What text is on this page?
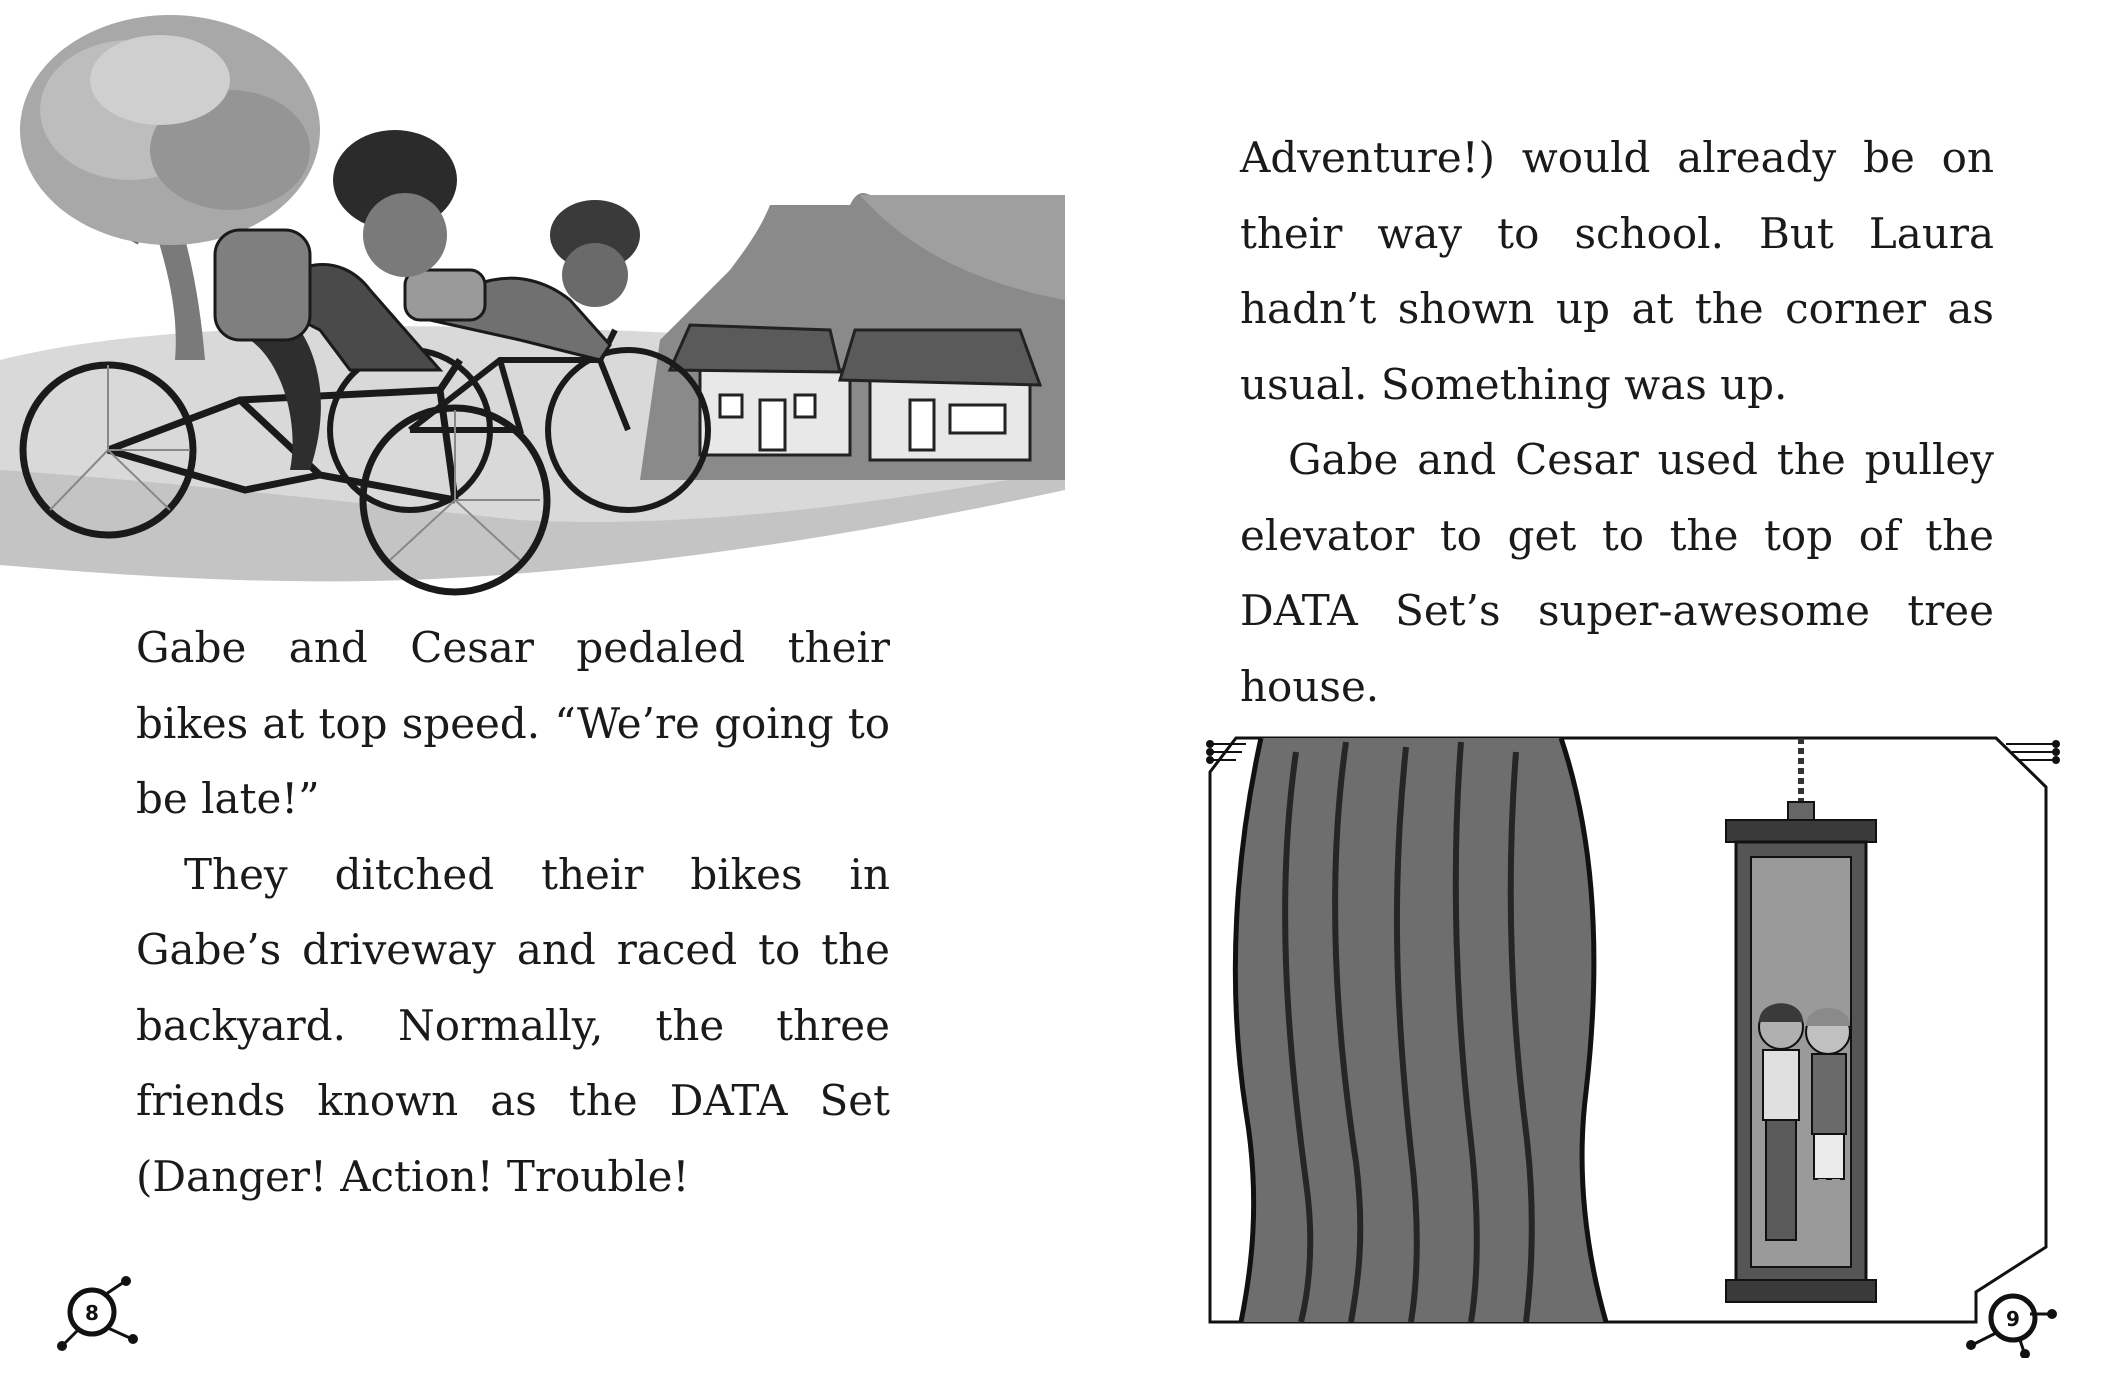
Gabe and Cesar pedaled their bikes at top speed. “We’re going to be late!”

They ditched their bikes in Gabe’s driveway and raced to the backyard. Normally, the three friends known as the DATA Set (Danger! Action! Trouble!

8

Adventure!) would already be on their way to school. But Laura hadn’t shown up at the corner as usual. Something was up.

Gabe and Cesar used the pulley elevator to get to the top of the DATA Set’s super-awesome tree house.

9
